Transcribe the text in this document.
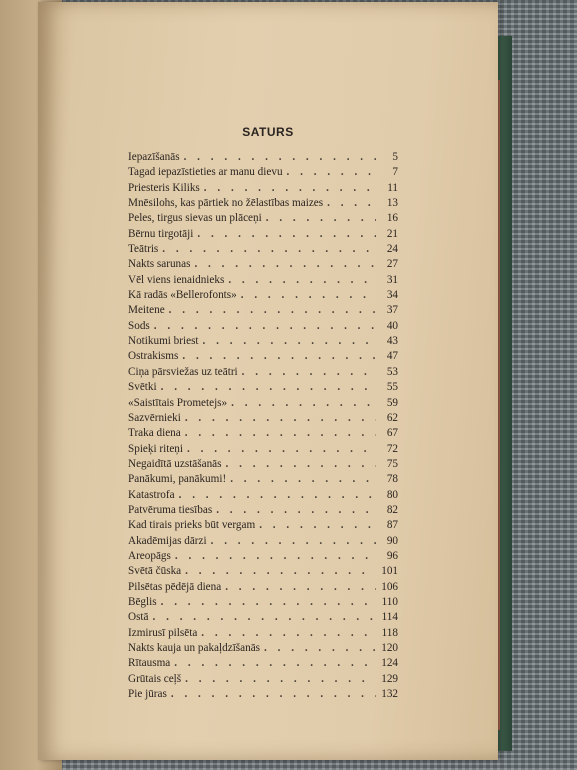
SATURS
Iepazīšanās . . .	5
Tagad iepazīstieties ar manu dievu . . .	7
Priesteris Kiliks . . .	11
Mnēsilohs, kas pārtiek no žēlastības maizes . . .	13
Peles, tirgus sievas un plāceņi . . .	16
Bērnu tirgotāji . . .	21
Teātris . . .	24
Nakts sarunas . . .	27
Vēl viens ienaidnieks . . .	31
Kā radās «Bellerofonts» . . .	34
Meitene . . .	37
Sods . . .	40
Notikumi briest . . .	43
Ostrakisms . . .	47
Ciņa pārsviežas uz teātri . . .	53
Svētki . . .	55
«Saistītais Prometejs» . . .	59
Sazvērnieki . . .	62
Traka diena . . .	67
Spieķi riteņi . . .	72
Negaidītā uzstāšanās . . .	75
Panākumi, panākumi! . . .	78
Katastrofa . . .	80
Patvēruma tiesības . . .	82
Kad tirais prieks būt vergam . . .	87
Akadēmijas dārzi . . .	90
Areopāgs . . .	96
Svētā čūska . . .	101
Pilsētas pēdējā diena . . .	106
Bēglis . . .	110
Ostā . . .	114
Izmirusī pilsēta . . .	118
Nakts kauja un pakaļdzīšanās . . .	120
Rītausma . . .	124
Grūtais ceļš . . .	129
Pie jūras . . .	132
